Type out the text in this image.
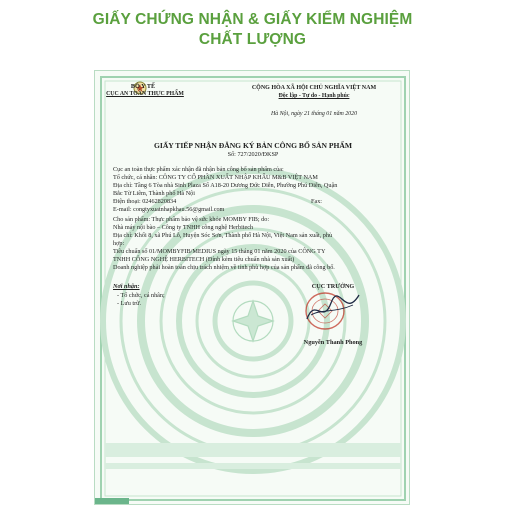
GIẤY CHỨNG NHẬN & GIẤY KIỂM NGHIỆM
CHẤT LƯỢNG
BỘ Y TẾ
CỤC AN TOÀN THỰC PHẨM
CỘNG HÒA XÃ HỘI CHỦ NGHĨA VIỆT NAM
Độc lập - Tự do - Hạnh phúc
Hà Nội, ngày 21 tháng 01 năm 2020
GIẤY TIẾP NHẬN ĐĂNG KÝ BẢN CÔNG BỐ SẢN PHẨM
Số: 727/2020/ĐKSP
Cục an toàn thực phẩm xác nhận đã nhận bản công bố sản phẩm của:
Tổ chức, cá nhân: CÔNG TY CỔ PHẦN XUẤT NHẬP KHẨU M&B VIỆT NAM
Địa chỉ: Tầng 6 Tòa nhà Sinh Plaza Số A18-20 Dương Đức Diễn, Phường Phú Diễn, Quận
Bắc Từ Liêm, Thành phố Hà Nội
Điện thoại: 02462820834	Fax:
E-mail: congtyxuatnhapkhau.56@gmail.com
Cho sản phẩm: Thực phẩm bảo vệ sức khỏe MOMBY FIB; do:
Nhà máy nội bào – Công ty TNHH công nghệ Herbitech
Địa chỉ: Khối 8, xã Phú Lỗ, Huyện Sóc Sơn, Thành phố Hà Nội, Việt Nam sản xuất, phù
hợp:
Tiêu chuẩn số 01/MOMBYFIB/MEDIUS ngày 15 tháng 01 năm 2020 của CÔNG TY
TNHH CÔNG NGHỆ HERBITECH (Đính kèm tiêu chuẩn nhà sản xuất)
Doanh nghiệp phải hoàn toàn chịu trách nhiệm về tính phù hợp của sản phẩm đã công bố.
Nơi nhận:
- Tổ chức, cá nhân;
- Lưu trữ.
CỤC TRƯỞNG
Nguyễn Thanh Phong
